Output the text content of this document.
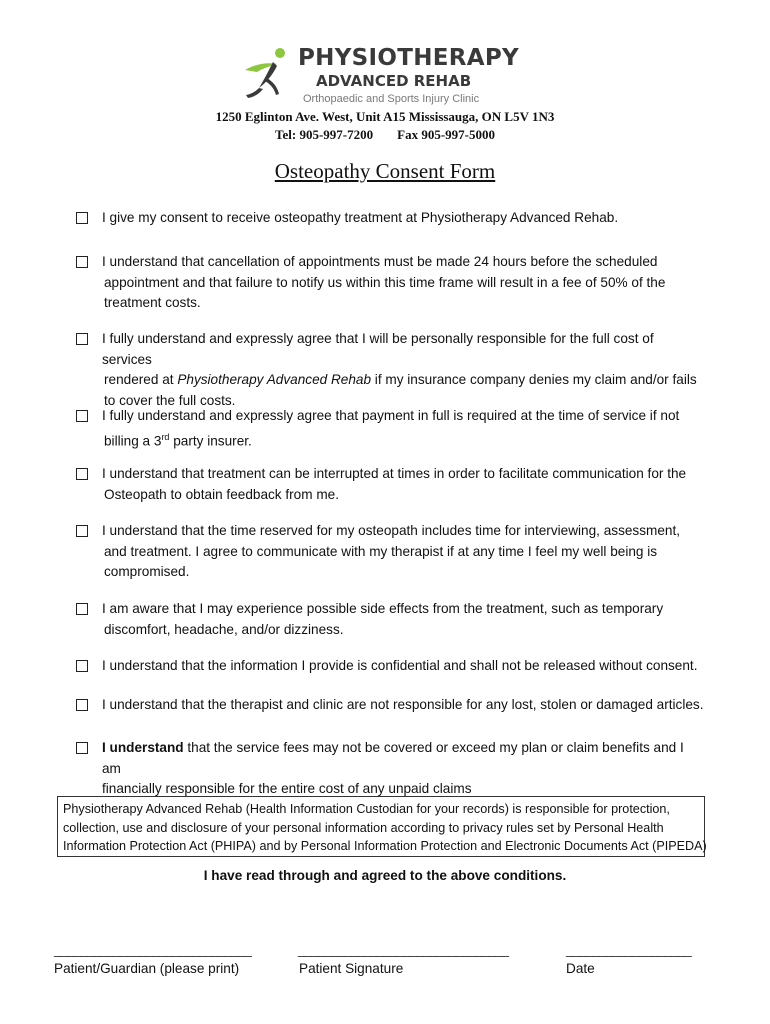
PHYSIOTHERAPY
ADVANCED REHAB
Orthopaedic and Sports Injury Clinic
1250 Eglinton Ave. West, Unit A15 Mississauga, ON L5V 1N3
Tel: 905-997-7200 Fax 905-997-5000
Osteopathy Consent Form

I give my consent to receive osteopathy treatment at Physiotherapy Advanced Rehab.

I understand that cancellation of appointments must be made 24 hours before the scheduled

appointment and that failure to notify us within this time frame will result in a fee of 50% of the

treatment costs.

I fully understand and expressly agree that I will be personally responsible for the full cost of services

rendered at Physiotherapy Advanced Rehab if my insurance company denies my claim and/or fails

to cover the full costs.

I fully understand and expressly agree that payment in full is required at the time of service if not

billing a 3rd party insurer.

I understand that treatment can be interrupted at times in order to facilitate communication for the

Osteopath to obtain feedback from me.

I understand that the time reserved for my osteopath includes time for interviewing, assessment,

and treatment. I agree to communicate with my therapist if at any time I feel my well being is

compromised.

I am aware that I may experience possible side effects from the treatment, such as temporary

discomfort, headache, and/or dizziness.

I understand that the information I provide is confidential and shall not be released without consent.

I understand that the therapist and clinic are not responsible for any lost, stolen or damaged articles.

I understand that the service fees may not be covered or exceed my plan or claim benefits and I am

financially responsible for the entire cost of any unpaid claims

Physiotherapy Advanced Rehab (Health Information Custodian for your records) is responsible for protection,
collection, use and disclosure of your personal information according to privacy rules set by Personal Health
Information Protection Act (PHIPA) and by Personal Information Protection and Electronic Documents Act (PIPEDA)
I have read through and agreed to the above conditions.
______________________________	________________________________	___________________
Patient/Guardian (please print)	Patient Signature	Date
